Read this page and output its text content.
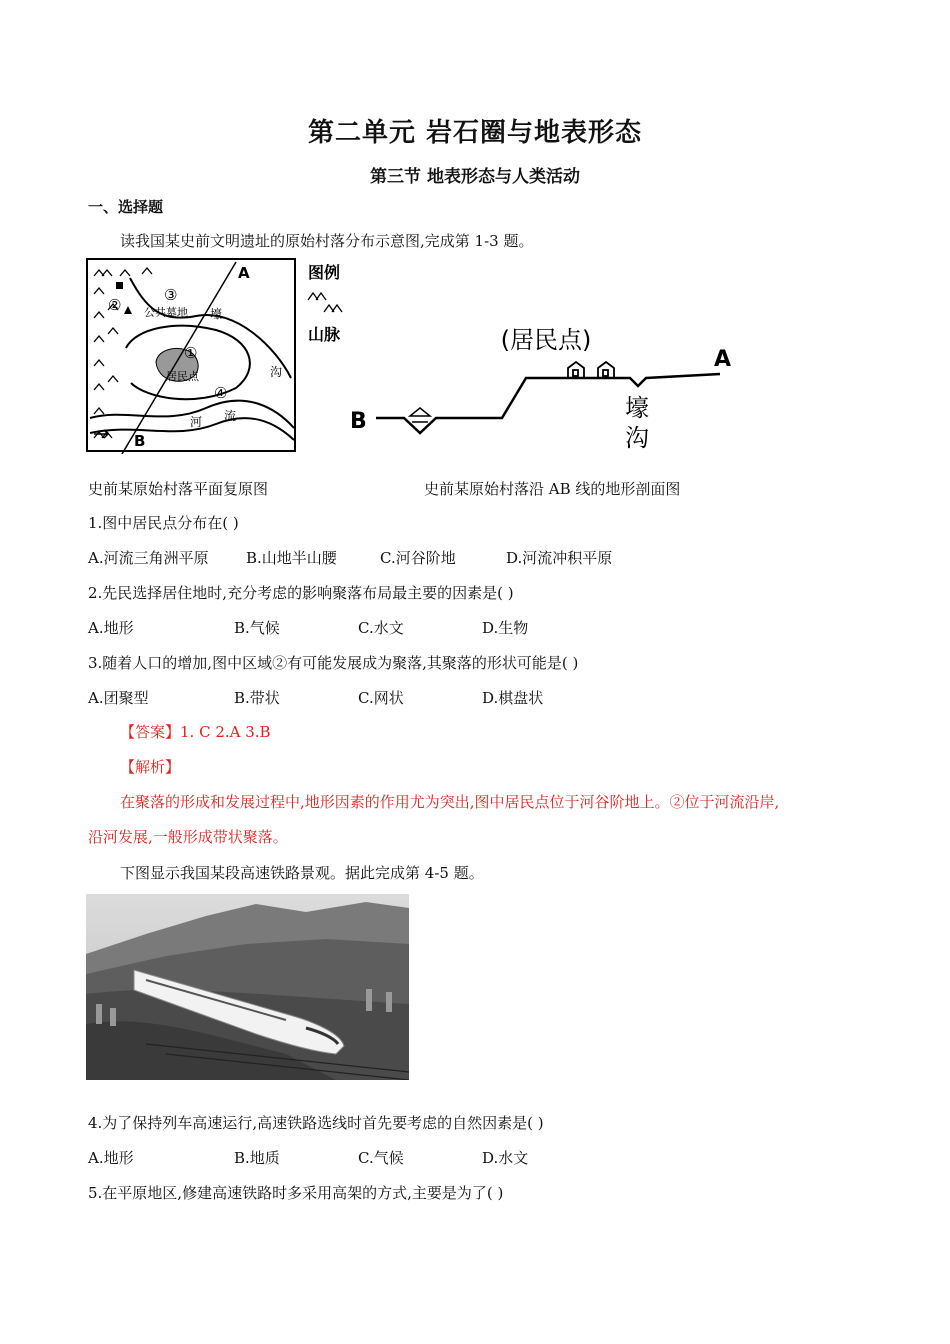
第二单元 岩石圈与地表形态
第三节 地表形态与人类活动
一、选择题
读我国某史前文明遗址的原始村落分布示意图,完成第 1-3 题。
A
B
②
③
①
④
公共墓地
居民点
壕
沟
河 流
图例
山脉	(居民点)
A
B	壕
沟
史前某原始村落平面复原图	史前某原始村落沿 AB 线的地形剖面图
1.图中居民点分布在( )
A.河流三角洲平原 B.山地半山腰	C.河谷阶地	D.河流冲积平原
2.先民选择居住地时,充分考虑的影响聚落布局最主要的因素是( )
A.地形	B.气候	C.水文	D.生物
3.随着人口的增加,图中区域②有可能发展成为聚落,其聚落的形状可能是( )
A.团聚型	B.带状	C.网状	D.棋盘状
【答案】1. C 2.A 3.B
【解析】
在聚落的形成和发展过程中,地形因素的作用尤为突出,图中居民点位于河谷阶地上。②位于河流沿岸,
沿河发展,一般形成带状聚落。
下图显示我国某段高速铁路景观。据此完成第 4-5 题。
4.为了保持列车高速运行,高速铁路选线时首先要考虑的自然因素是( )
A.地形	B.地质	C.气候	D.水文
5.在平原地区,修建高速铁路时多采用高架的方式,主要是为了( )
